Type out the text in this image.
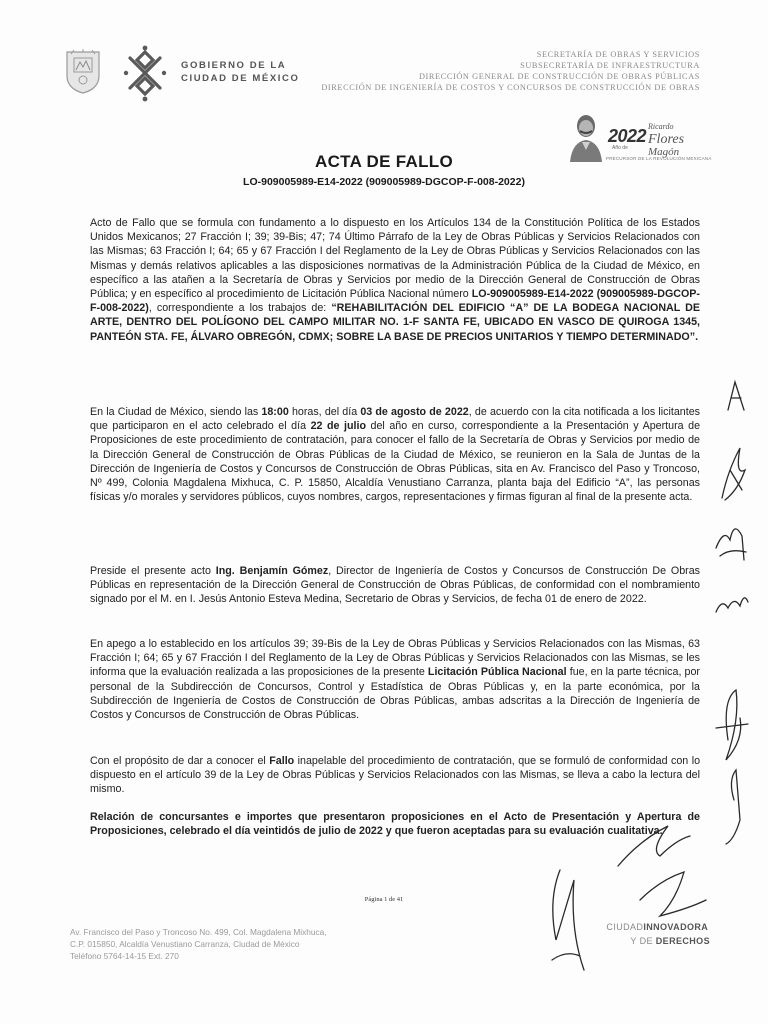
GOBIERNO DE LA
CIUDAD DE MÉXICO
SECRETARÍA DE OBRAS Y SERVICIOS
SUBSECRETARÍA DE INFRAESTRUCTURA
DIRECCIÓN GENERAL DE CONSTRUCCIÓN DE OBRAS PÚBLICAS
DIRECCIÓN DE INGENIERÍA DE COSTOS Y CONCURSOS DE CONSTRUCCIÓN DE OBRAS
2022
Año de
Ricardo
Flores
Magón
PRECURSOR DE LA REVOLUCIÓN MEXICANA
ACTA DE FALLO
LO-909005989-E14-2022 (909005989-DGCOP-F-008-2022)
Acto de Fallo que se formula con fundamento a lo dispuesto en los Artículos 134 de la Constitución Política de los Estados Unidos Mexicanos; 27 Fracción I; 39; 39-Bis; 47; 74 Último Párrafo de la Ley de Obras Públicas y Servicios Relacionados con las Mismas; 63 Fracción I; 64; 65 y 67 Fracción I del Reglamento de la Ley de Obras Públicas y Servicios Relacionados con las Mismas y demás relativos aplicables a las disposiciones normativas de la Administración Pública de la Ciudad de México, en específico a las atañen a la Secretaría de Obras y Servicios por medio de la Dirección General de Construcción de Obras Pública; y en específico al procedimiento de Licitación Pública Nacional número LO-909005989-E14-2022 (909005989-DGCOP-F-008-2022), correspondiente a los trabajos de: “REHABILITACIÓN DEL EDIFICIO “A” DE LA BODEGA NACIONAL DE ARTE, DENTRO DEL POLÍGONO DEL CAMPO MILITAR NO. 1-F SANTA FE, UBICADO EN VASCO DE QUIROGA 1345, PANTEÓN STA. FE, ÁLVARO OBREGÓN, CDMX; SOBRE LA BASE DE PRECIOS UNITARIOS Y TIEMPO DETERMINADO”.
En la Ciudad de México, siendo las 18:00 horas, del día 03 de agosto de 2022, de acuerdo con la cita notificada a los licitantes que participaron en el acto celebrado el día 22 de julio del año en curso, correspondiente a la Presentación y Apertura de Proposiciones de este procedimiento de contratación, para conocer el fallo de la Secretaría de Obras y Servicios por medio de la Dirección General de Construcción de Obras Públicas de la Ciudad de México, se reunieron en la Sala de Juntas de la Dirección de Ingeniería de Costos y Concursos de Construcción de Obras Públicas, sita en Av. Francisco del Paso y Troncoso, Nº 499, Colonia Magdalena Mixhuca, C. P. 15850, Alcaldía Venustiano Carranza, planta baja del Edificio “A”, las personas físicas y/o morales y servidores públicos, cuyos nombres, cargos, representaciones y firmas figuran al final de la presente acta.
Preside el presente acto Ing. Benjamín Gómez, Director de Ingeniería de Costos y Concursos de Construcción De Obras Públicas en representación de la Dirección General de Construcción de Obras Públicas, de conformidad con el nombramiento signado por el M. en I. Jesús Antonio Esteva Medina, Secretario de Obras y Servicios, de fecha 01 de enero de 2022.
En apego a lo establecido en los artículos 39; 39-Bis de la Ley de Obras Públicas y Servicios Relacionados con las Mismas, 63 Fracción I; 64; 65 y 67 Fracción I del Reglamento de la Ley de Obras Públicas y Servicios Relacionados con las Mismas, se les informa que la evaluación realizada a las proposiciones de la presente Licitación Pública Nacional fue, en la parte técnica, por personal de la Subdirección de Concursos, Control y Estadística de Obras Públicas y, en la parte económica, por la Subdirección de Ingeniería de Costos de Construcción de Obras Públicas, ambas adscritas a la Dirección de Ingeniería de Costos y Concursos de Construcción de Obras Públicas.
Con el propósito de dar a conocer el Fallo inapelable del procedimiento de contratación, que se formuló de conformidad con lo dispuesto en el artículo 39 de la Ley de Obras Públicas y Servicios Relacionados con las Mismas, se lleva a cabo la lectura del mismo.
Relación de concursantes e importes que presentaron proposiciones en el Acto de Presentación y Apertura de Proposiciones, celebrado el día veintidós de julio de 2022 y que fueron aceptadas para su evaluación cualitativa.
Página 1 de 41
Av. Francisco del Paso y Troncoso No. 499, Col. Magdalena Mixhuca,
C.P. 015850, Alcaldía Venustiano Carranza, Ciudad de México
Teléfono 5764-14-15 Ext. 270
CIUDADINNOVADORA
Y DE DERECHOS
